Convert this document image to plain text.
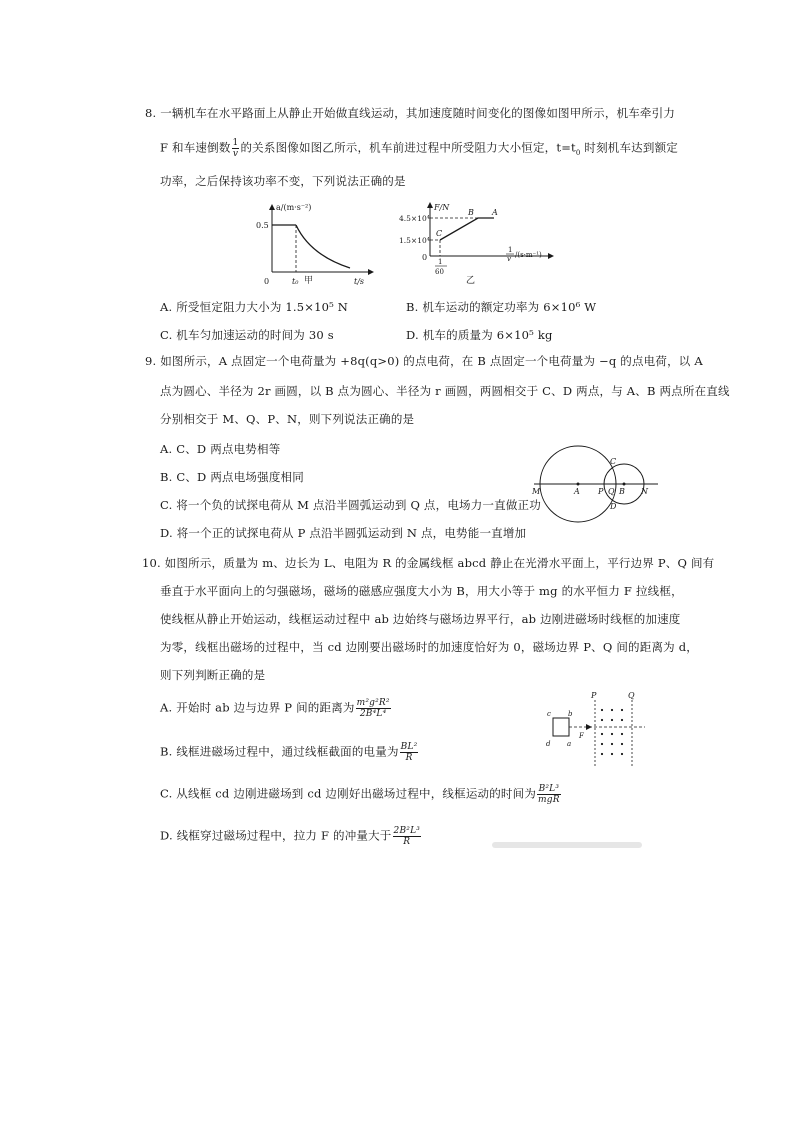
8. 一辆机车在水平路面上从静止开始做直线运动，其加速度随时间变化的图像如图甲所示，机车牵引力
F 和车速倒数 $\frac{1}{v}$ 的关系图像如图乙所示，机车前进过程中所受阻力大小恒定，$t=t_0$ 时刻机车达到额定
功率，之后保持该功率不变，下列说法正确的是
a/(m·s⁻²)
0.5
0	t₀	t/s
甲
F/N
4.5×10⁴
1.5×10⁴
B A
C
0 1
60
1
v /(s·m⁻¹)
乙
A. 所受恒定阻力大小为 1.5×10⁵ N	B. 机车运动的额定功率为 6×10⁶ W
C. 机车匀加速运动的时间为 30 s	D. 机车的质量为 6×10⁵ kg
9. 如图所示，A 点固定一个电荷量为 +8q(q>0) 的点电荷，在 B 点固定一个电荷量为 −q 的点电荷，以 A
点为圆心、半径为 2r 画圆，以 B 点为圆心、半径为 r 画圆，两圆相交于 C、D 两点，与 A、B 两点所在直线
分别相交于 M、Q、P、N，则下列说法正确的是
A. C、D 两点电势相等
B. C、D 两点电场强度相同
C. 将一个负的试探电荷从 M 点沿半圆弧运动到 Q 点，电场力一直做正功
D. 将一个正的试探电荷从 P 点沿半圆弧运动到 N 点，电势能一直增加
M	A P Q B N
C
D
10. 如图所示，质量为 m、边长为 L、电阻为 R 的金属线框 abcd 静止在光滑水平面上，平行边界 P、Q 间有
垂直于水平面向上的匀强磁场，磁场的磁感应强度大小为 B，用大小等于 mg 的水平恒力 F 拉线框，
使线框从静止开始运动，线框运动过程中 ab 边始终与磁场边界平行，ab 边刚进磁场时线框的加速度
为零，线框出磁场的过程中，当 cd 边刚要出磁场时的加速度恰好为 0，磁场边界 P、Q 间的距离为 d，
则下列判断正确的是
A. 开始时 ab 边与边界 P 间的距离为 $\frac{\text{m²g²R²}}{\text{2B⁴L⁴}}$
B. 线框进磁场过程中，通过线框截面的电量为 $\frac{\text{BL²}}{R}$
C. 从线框 cd 边刚进磁场到 cd 边刚好出磁场过程中，线框运动的时间为 $\frac{\text{B²L³}}{\text{mgR}}$
D. 线框穿过磁场过程中，拉力 F 的冲量大于 $\frac{\text{2B²L³}}{R}$
P	Q
c b
d a
F
